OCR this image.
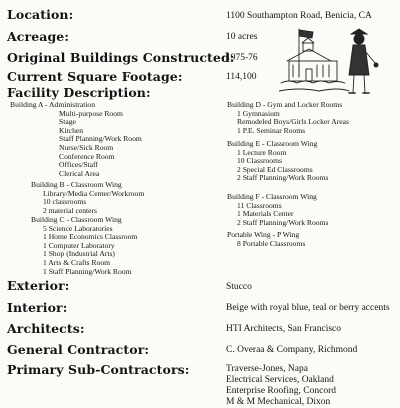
Location:
Acreage:
Original Buildings Constructed:
Current Square Footage:
Facility Description:
Exterior:
Interior:
Architects:
General Contractor:
Primary Sub-Contractors:
1100 Southampton Road, Benicia, CA
10 acres
1975-76
114,100
Stucco
Beige with royal blue, teal or berry accents
HTI Architects, San Francisco
C. Overaa & Company, Richmond
Traverse-Jones, Napa
Electrical Services, Oakland
Enterprise Roofing, Concord
M & M Mechanical, Dixon
Building A - Administration
Multi-purpose Room
Stage
Kitchen
Staff Planning/Work Room
Nurse/Sick Room
Conference Room
Offices/Staff
Clerical Area
Building B - Classroom Wing
Library/Media Center/Workroom
10 classrooms
2 material centers
Building C - Classroom Wing
5 Science Laboratories
1 Home Economics Classroom
1 Computer Laboratory
1 Shop (Industrial Arts)
1 Arts & Crafts Room
1 Staff Planning/Work Room
Building D - Gym and Locker Rooms
1 Gymnasium
Remodeled Boys/Girls Locker Areas
1 P.E. Seminar Rooms
Building E - Classroom Wing
1 Lecture Room
10 Classrooms
2 Special Ed Classrooms
2 Staff Planning/Work Rooms
Building F - Classroom Wing
11 Classrooms
1 Materials Center
2 Staff Planning/Work Rooms
Portable Wing - P Wing
8 Portable Classrooms
